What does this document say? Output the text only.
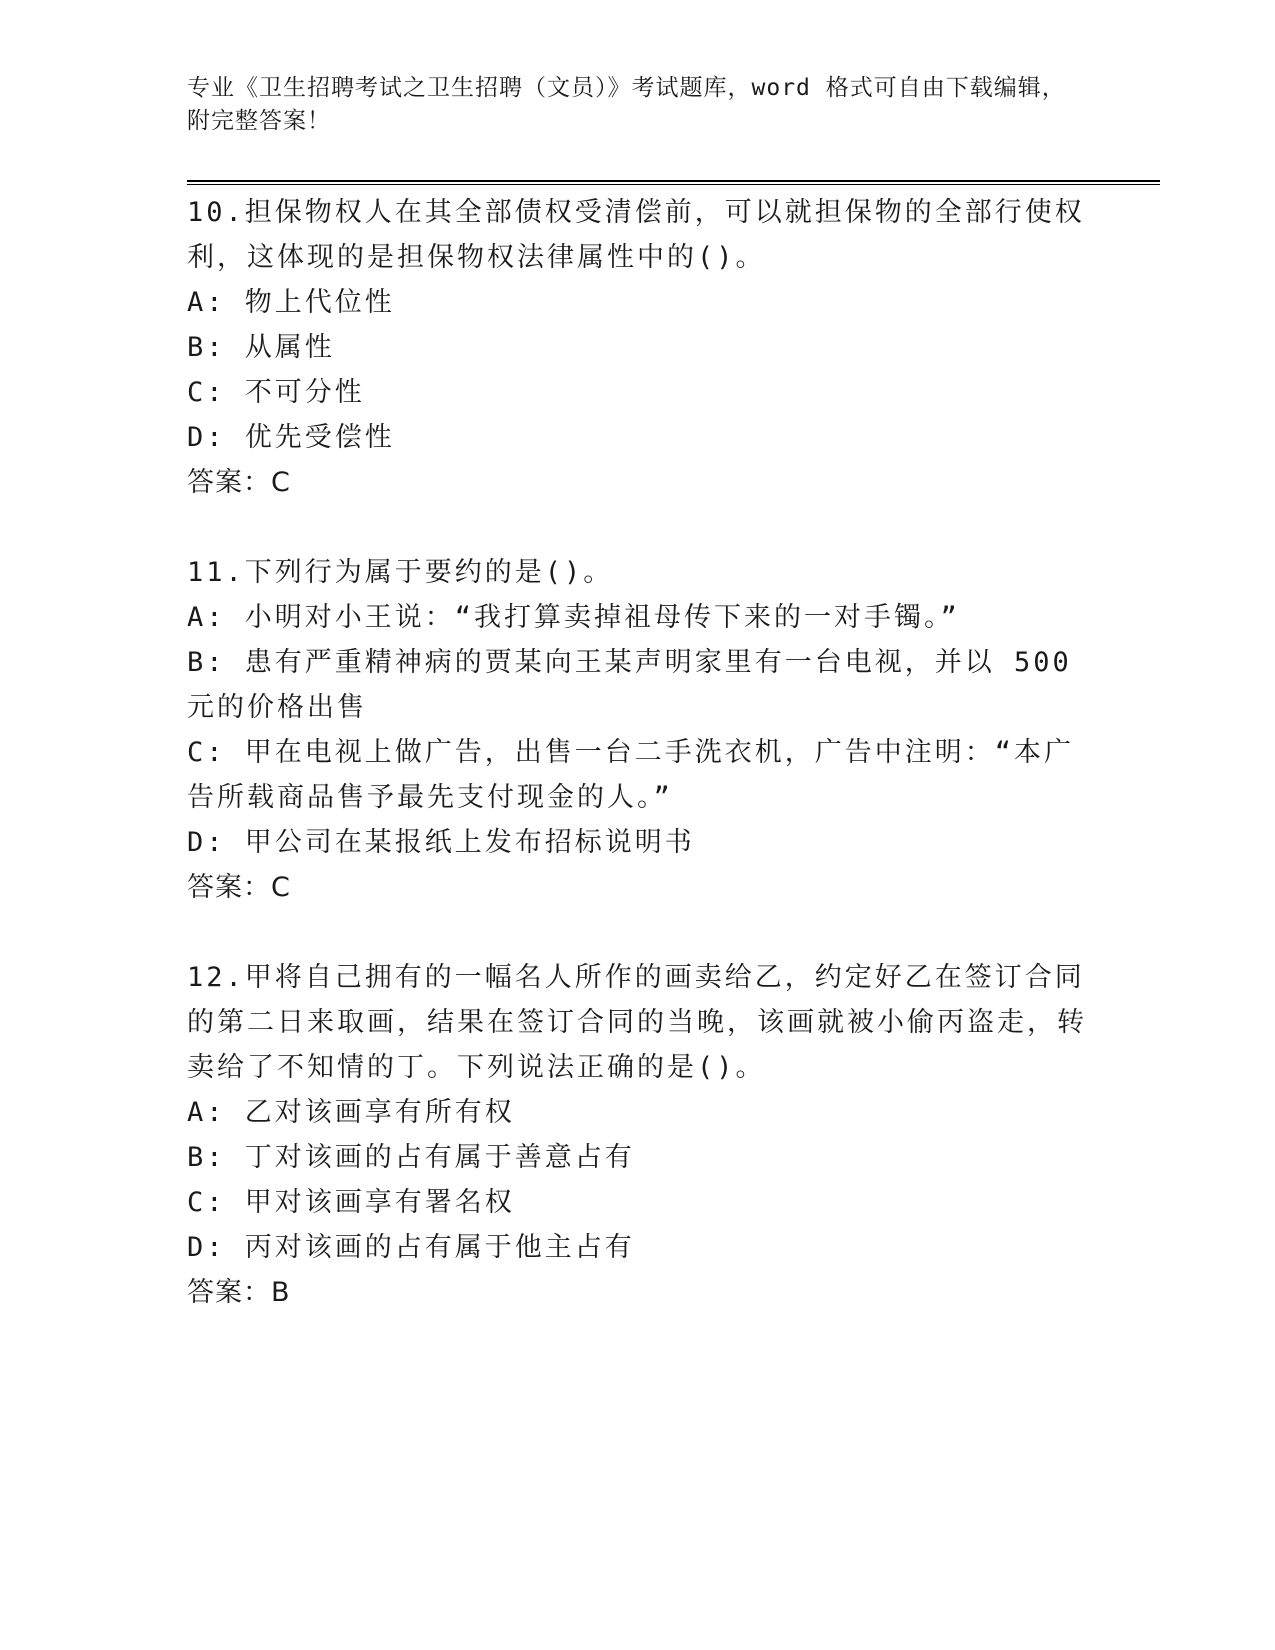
专业《卫生招聘考试之卫生招聘（文员）》考试题库，word 格式可自由下载编辑，附完整答案！
10.担保物权人在其全部债权受清偿前，可以就担保物的全部行使权利，这体现的是担保物权法律属性中的()。
A: 物上代位性
B: 从属性
C: 不可分性
D: 优先受偿性
答案：C
11.下列行为属于要约的是()。
A: 小明对小王说：“我打算卖掉祖母传下来的一对手镯。”
B: 患有严重精神病的贾某向王某声明家里有一台电视，并以 500 元的价格出售
C: 甲在电视上做广告，出售一台二手洗衣机，广告中注明：“本广告所载商品售予最先支付现金的人。”
D: 甲公司在某报纸上发布招标说明书
答案：C
12.甲将自己拥有的一幅名人所作的画卖给乙，约定好乙在签订合同的第二日来取画，结果在签订合同的当晚，该画就被小偷丙盗走，转卖给了不知情的丁。下列说法正确的是()。
A: 乙对该画享有所有权
B: 丁对该画的占有属于善意占有
C: 甲对该画享有署名权
D: 丙对该画的占有属于他主占有
答案：B
